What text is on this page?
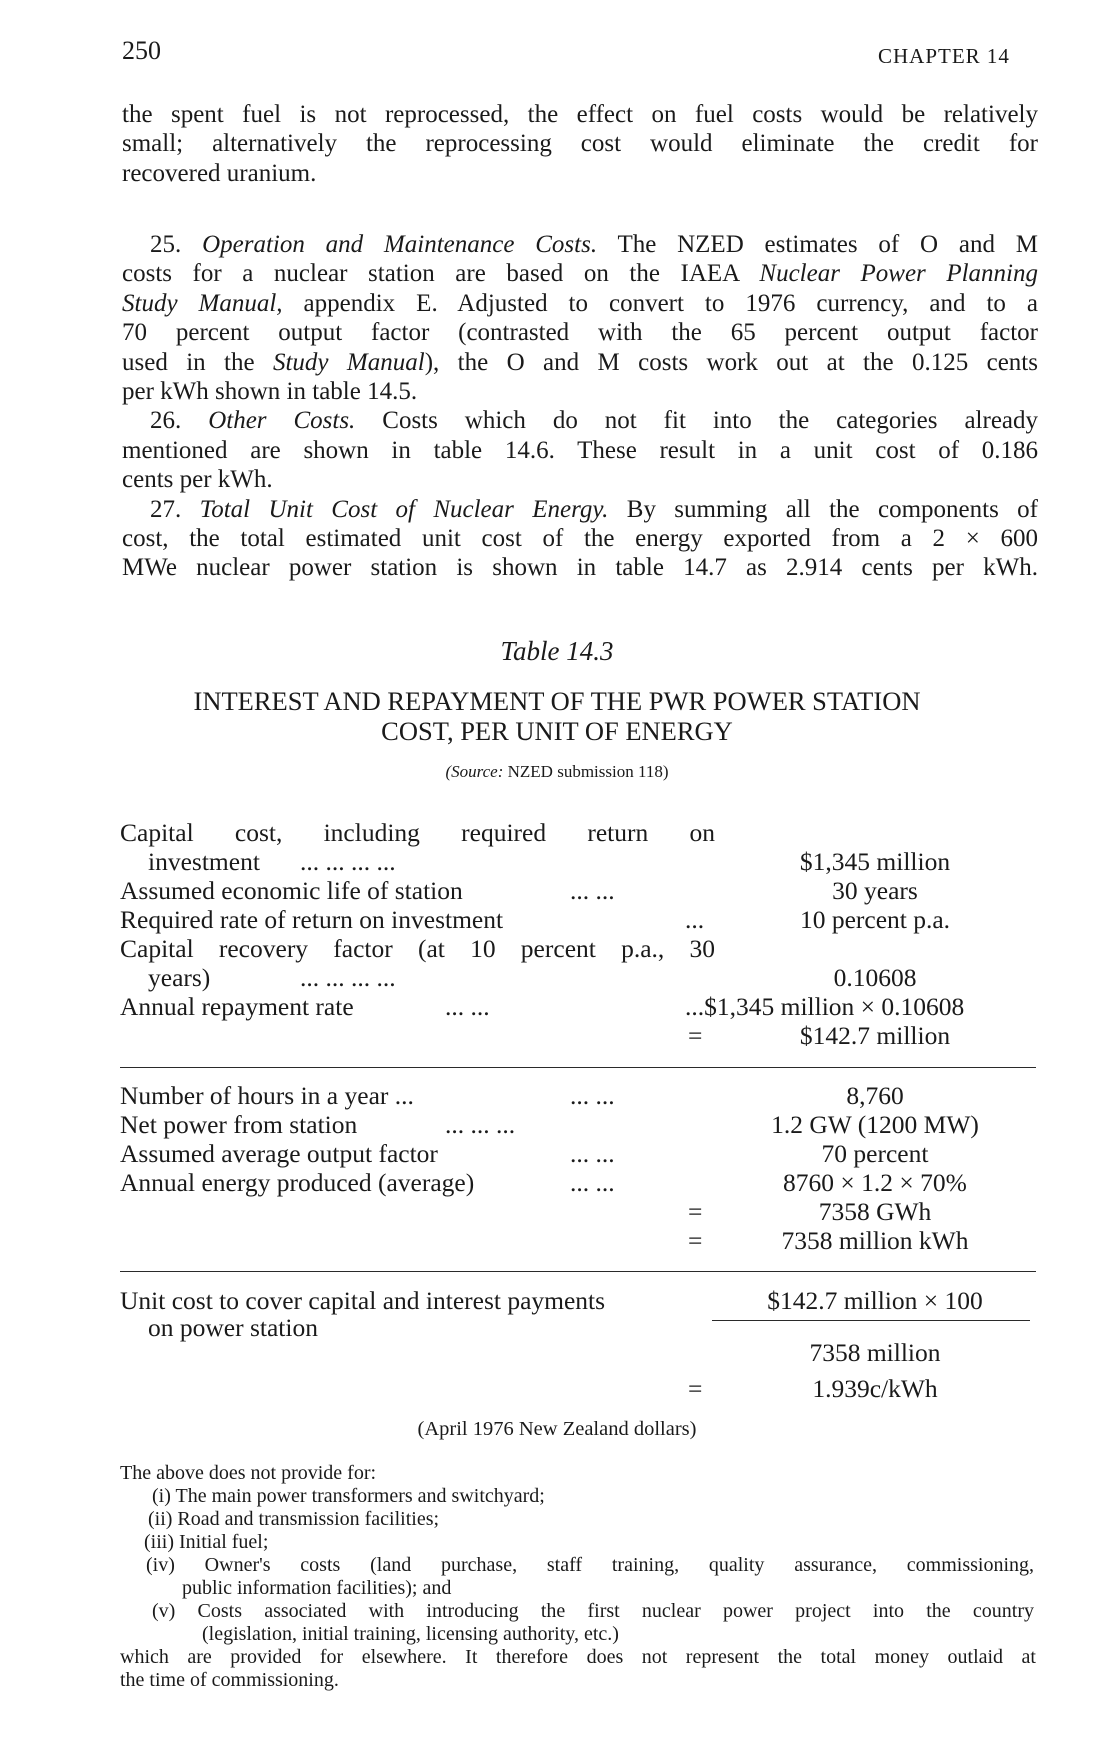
250	CHAPTER 14
the spent fuel is not reprocessed, the effect on fuel costs would be relatively
small; alternatively the reprocessing cost would eliminate the credit for
recovered uranium.
25. Operation and Maintenance Costs. The NZED estimates of O and M
costs for a nuclear station are based on the IAEA Nuclear Power Planning
Study Manual, appendix E. Adjusted to convert to 1976 currency, and to a
70 percent output factor (contrasted with the 65 percent output factor
used in the Study Manual), the O and M costs work out at the 0.125 cents
per kWh shown in table 14.5.
26. Other Costs. Costs which do not fit into the categories already
mentioned are shown in table 14.6. These result in a unit cost of 0.186
cents per kWh.
27. Total Unit Cost of Nuclear Energy. By summing all the components of
cost, the total estimated unit cost of the energy exported from a 2 × 600
MWe nuclear power station is shown in table 14.7 as 2.914 cents per kWh.
Table 14.3
INTEREST AND REPAYMENT OF THE PWR POWER STATION
COST, PER UNIT OF ENERGY
(Source: NZED submission 118)
Capital cost, including required return on
investment ... ... ... ...	$1,345 million
Assumed economic life of station	... ...	30 years
Required rate of return on investment	...	10 percent p.a.
Capital recovery factor (at 10 percent p.a., 30
years)	... ... ... ...	0.10608
Annual repayment rate	... ...	...$1,345 million × 0.10608
=	$142.7 million
Number of hours in a year ...	... ...	8,760
Net power from station	... ... ...	1.2 GW (1200 MW)
Assumed average output factor	... ...	70 percent
Annual energy produced (average)	... ...	8760 × 1.2 × 70%
=	7358 GWh
=	7358 million kWh
Unit cost to cover capital and interest payments	$142.7 million × 100
on power station
7358 million
=	1.939c/kWh
(April 1976 New Zealand dollars)
The above does not provide for:
(i) The main power transformers and switchyard;
(ii) Road and transmission facilities;
(iii) Initial fuel;
(iv) Owner's costs (land purchase, staff training, quality assurance, commissioning,
public information facilities); and
(v) Costs associated with introducing the first nuclear power project into the country
(legislation, initial training, licensing authority, etc.)
which are provided for elsewhere. It therefore does not represent the total money outlaid at
the time of commissioning.
